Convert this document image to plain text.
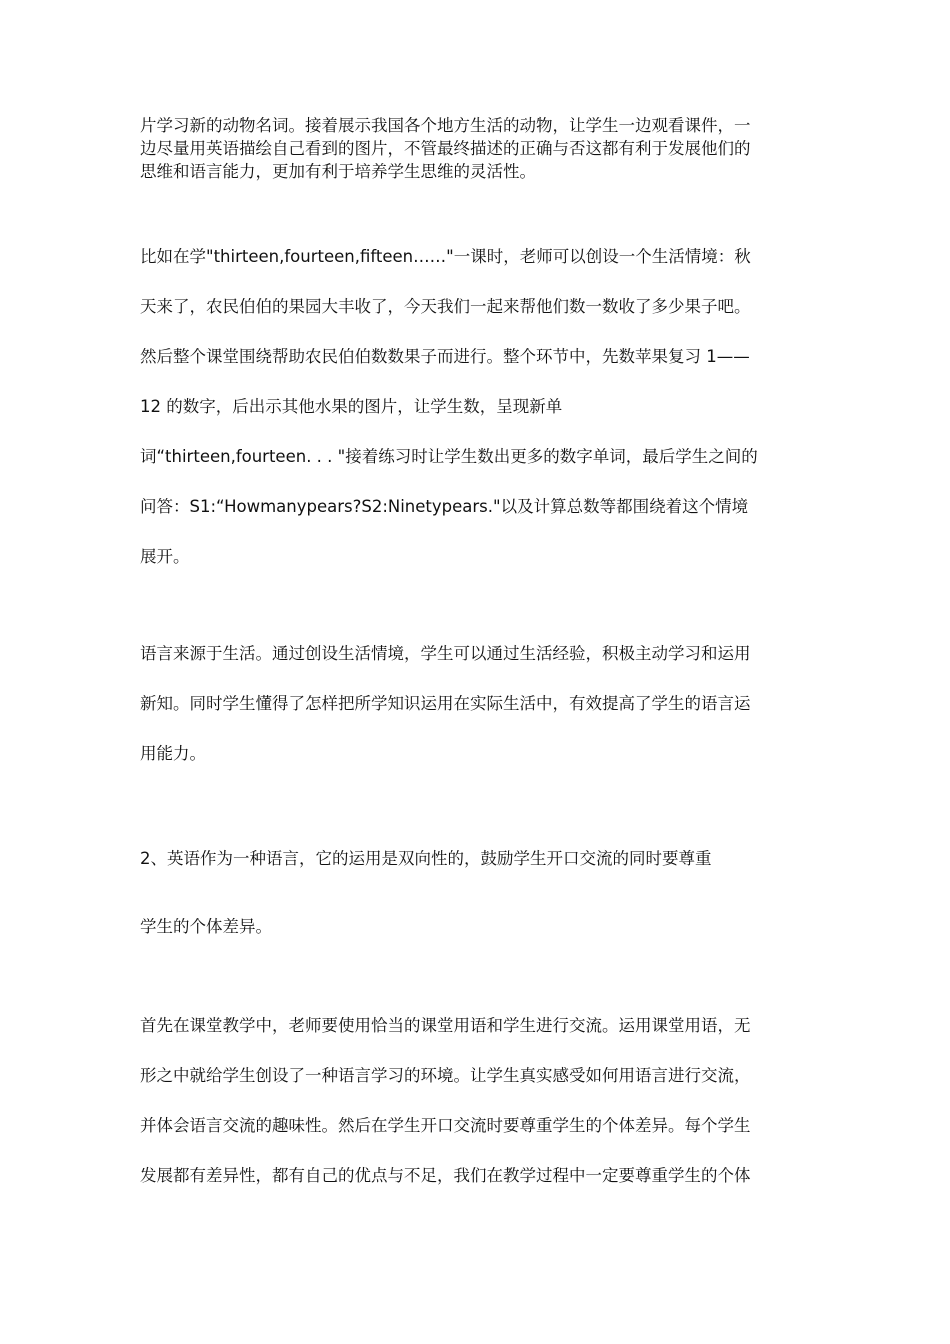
片学习新的动物名词。接着展示我国各个地方生活的动物，让学生一边观看课件，一
边尽量用英语描绘自己看到的图片，不管最终描述的正确与否这都有利于发展他们的
思维和语言能力，更加有利于培养学生思维的灵活性。
比如在学"thirteen,fourteen,fifteen……"一课时，老师可以创设一个生活情境：秋
天来了，农民伯伯的果园大丰收了，今天我们一起来帮他们数一数收了多少果子吧。
然后整个课堂围绕帮助农民伯伯数数果子而进行。整个环节中，先数苹果复习 1——
12 的数字，后出示其他水果的图片，让学生数，呈现新单
词“thirteen,fourteen. . . "接着练习时让学生数出更多的数字单词，最后学生之间的
问答：S1:“Howmanypears?S2:Ninetypears."以及计算总数等都围绕着这个情境
展开。
语言来源于生活。通过创设生活情境，学生可以通过生活经验，积极主动学习和运用
新知。同时学生懂得了怎样把所学知识运用在实际生活中，有效提高了学生的语言运
用能力。
2、英语作为一种语言，它的运用是双向性的，鼓励学生开口交流的同时要尊重
学生的个体差异。
首先在课堂教学中，老师要使用恰当的课堂用语和学生进行交流。运用课堂用语，无
形之中就给学生创设了一种语言学习的环境。让学生真实感受如何用语言进行交流，
并体会语言交流的趣味性。然后在学生开口交流时要尊重学生的个体差异。每个学生
发展都有差异性，都有自己的优点与不足，我们在教学过程中一定要尊重学生的个体
